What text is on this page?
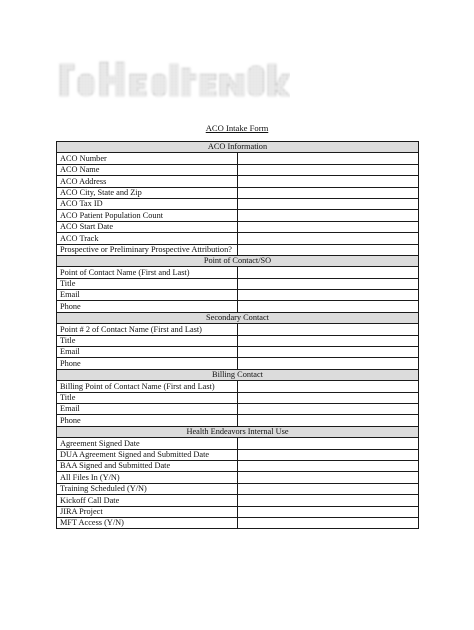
ACO Intake Form
ACO Information	
ACO Number	
ACO Name	
ACO Address	
ACO City, State and Zip	
ACO Tax ID	
ACO Patient Population Count	
ACO Start Date	
ACO Track	
Prospective or Preliminary Prospective Attribution?	
Point of Contact/SO	
Point of Contact Name (First and Last)	
Title	
Email	
Phone	
Secondary Contact	
Point # 2 of Contact Name (First and Last)	
Title	
Email	
Phone	
Billing Contact	
Billing Point of Contact Name (First and Last)	
Title	
Email	
Phone	
Health Endeavors Internal Use	
Agreement Signed Date	
DUA Agreement Signed and Submitted Date	
BAA Signed and Submitted Date	
All Files In (Y/N)	
Training Scheduled (Y/N)	
Kickoff Call Date	
JIRA Project	
MFT Access (Y/N)	
